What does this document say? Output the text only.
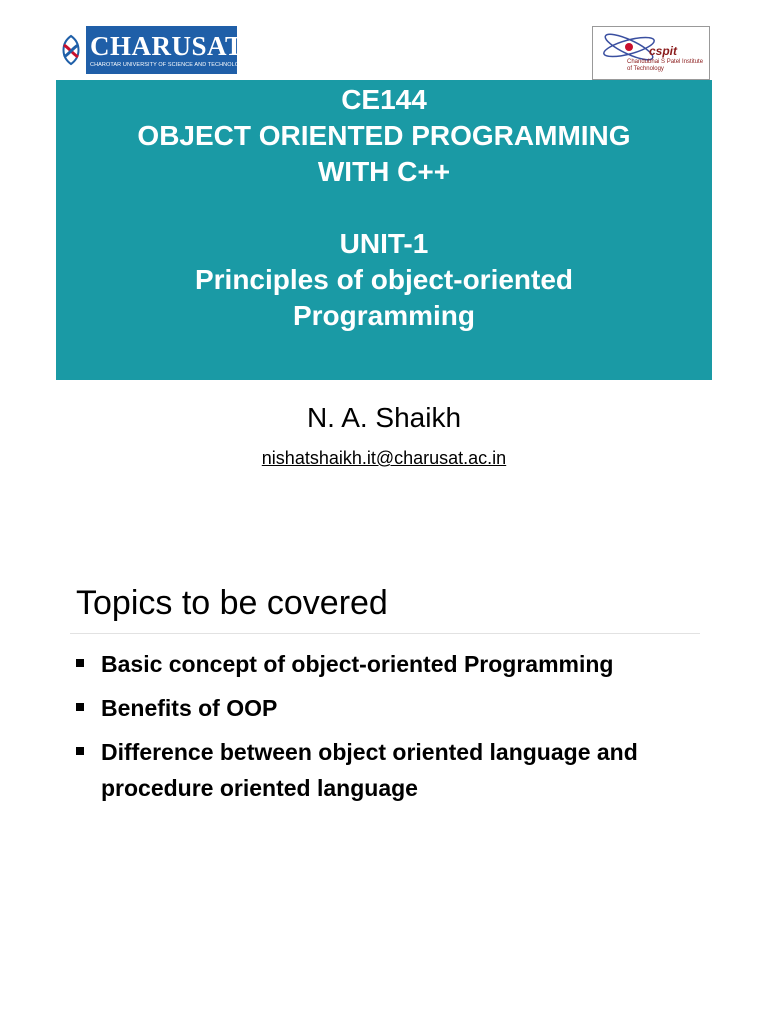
CHARUSAT
CHAROTAR UNIVERSITY OF SCIENCE AND TECHNOLOGY
cspit
Chandubhai S Patel Institute of Technology
CE144
OBJECT ORIENTED PROGRAMMING
WITH C++
UNIT-1
Principles of object-oriented
Programming
N. A. Shaikh
nishatshaikh.it@charusat.ac.in
Topics to be covered
Basic concept of object-oriented Programming
Benefits of OOP
Difference between object oriented language and procedure oriented language
